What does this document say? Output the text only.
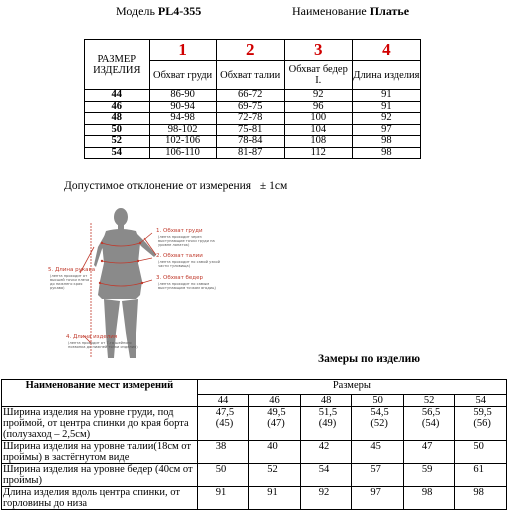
Модель PL4-355	Наименование Платье
РАЗМЕР ИЗДЕЛИЯ	1	2	3	4
	Обхват груди	Обхват талии	Обхват бедер I.	Длина изделия
44	86-90	66-72	92	91
46	90-94	69-75	96	91
48	94-98	72-78	100	92
50	98-102	75-81	104	97
52	102-106	78-84	108	98
54	106-110	81-87	112	98
Допустимое отклонение от измерения ± 1см
1. Обхват груди
(лента проходит через выступающие точки груди на уровне лопаток)
2. Обхват талии
(лента проходит по самой узкой части туловища)
3. Обхват бедер
(лента проходит по самым выступающим точкам ягодиц)
4. Длина изделия
(лента проходит от 7-го шейного позвонка до нижней точки изделия)
5. Длина рукава
(лента проходит от высшей точки плеча до нижнего края рукава)
Замеры по изделию
Наименование мест измерений	Размеры					
	44	46	48	50	52	54
Ширина изделия на уровне груди, под проймой, от центра спинки до края борта (полузаход – 2,5см)	47,5 (45)	49,5 (47)	51,5 (49)	54,5 (52)	56,5 (54)	59,5 (56)
Ширина изделия на уровне талии(18см от проймы) в застёгнутом виде	38	40	42	45	47	50
Ширина изделия на уровне бедер (40см от проймы)	50	52	54	57	59	61
Длина изделия вдоль центра спинки, от горловины до низа	91	91	92	97	98	98
